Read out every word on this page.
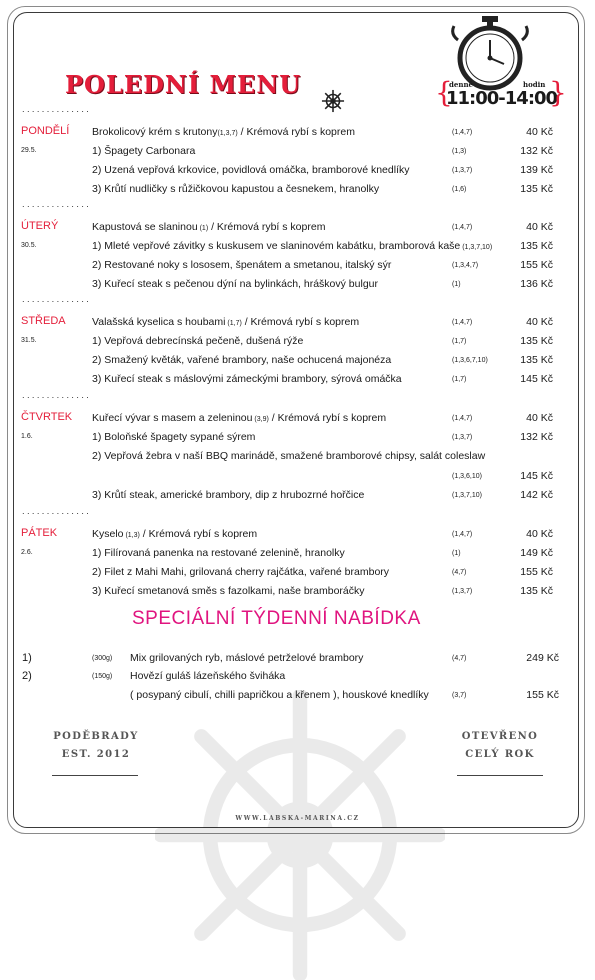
POLEDNÍ MENU	denně	hodin
{
11:00-14:00
}
..............
PONDĚLÍ
29.5.
Brokolicový krém s krutony(1,3,7) / Krémová rybí s koprem	(1,4,7)	40 Kč
1) Špagety Carbonara	(1,3)	132 Kč
2) Uzená vepřová krkovice, povidlová omáčka, bramborové knedlíky	(1,3,7)	139 Kč
3) Krůtí nudličky s růžičkovou kapustou a česnekem, hranolky	(1,6)	135 Kč
..............
ÚTERÝ
30.5.
Kapustová se slaninou (1) / Krémová rybí s koprem	(1,4,7)	40 Kč
1) Mleté vepřové závitky s kuskusem ve slaninovém kabátku, bramborová kaše (1,3,7,10)	135 Kč
2) Restované noky s lososem, špenátem a smetanou, italský sýr	(1,3,4,7)	155 Kč
3) Kuřecí steak s pečenou dýní na bylinkách, hráškový bulgur	(1)	136 Kč
..............
STŘEDA
31.5.
Valašská kyselica s houbami (1,7) / Krémová rybí s koprem	(1,4,7)	40 Kč
1) Vepřová debrecínská pečeně, dušená rýže	(1,7)	135 Kč
2) Smažený květák, vařené brambory, naše ochucená majonéza	(1,3,6,7,10)	135 Kč
3) Kuřecí steak s máslovými zámeckými brambory, sýrová omáčka	(1,7)	145 Kč
..............
ČTVRTEK
1.6.
Kuřecí vývar s masem a zeleninou (3,9) / Krémová rybí s koprem	(1,4,7)	40 Kč
1) Boloňské špagety sypané sýrem	(1,3,7)	132 Kč
2) Vepřová žebra v naší BBQ marinádě, smažené bramborové chipsy, salát coleslaw
(1,3,6,10)	145 Kč
3) Krůtí steak, americké brambory, dip z hrubozrné hořčice	(1,3,7,10)	142 Kč
..............
PÁTEK
2.6.
Kyselo (1,3) / Krémová rybí s koprem	(1,4,7)	40 Kč
1) Filírovaná panenka na restované zelenině, hranolky	(1)	149 Kč
2) Filet z Mahi Mahi, grilovaná cherry rajčátka, vařené brambory	(4,7)	155 Kč
3) Kuřecí smetanová směs s fazolkami, naše bramboráčky	(1,3,7)	135 Kč
SPECIÁLNÍ TÝDENNÍ NABÍDKA
1)	(300g) Mix grilovaných ryb, máslové petrželové brambory	(4,7)	249 Kč
2)	(150g) Hovězí guláš lázeňského šviháka
( posypaný cibulí, chilli papričkou a křenem ), houskové knedlíky	(3,7)	155 Kč
PODĚBRADY
EST. 2012
OTEVŘENO
CELÝ ROK
WWW.LABSKA-MARINA.CZ
